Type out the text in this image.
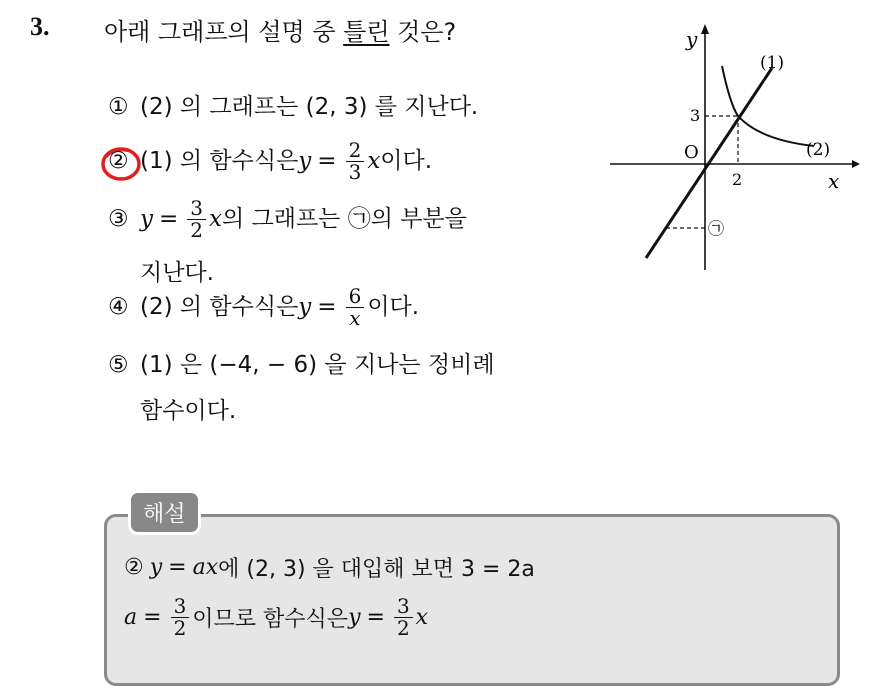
3. 아래 그래프의 설명 중 틀린 것은?
① (2) 의 그래프는 (2, 3) 를 지난다.
② (1) 의 함수식은 $y = \frac{2}{3}$ x 이다.
③ $y = \frac{3}{2}$ x 의 그래프는 ㉠의 부분을
지난다.
④ (2) 의 함수식은 $y = \frac{6}{x}$ 이다.
⑤ (1) 은 (−4, − 6) 을 지나는 정비례
함수이다.
y
x
O
2
3
(1)
(2)
㉠
해설
② y = ax 에 (2, 3) 을 대입해 보면 3 = 2a
$a = \frac{3}{2}$ 이므로 함수식은 $y = \frac{3}{2}$ x
